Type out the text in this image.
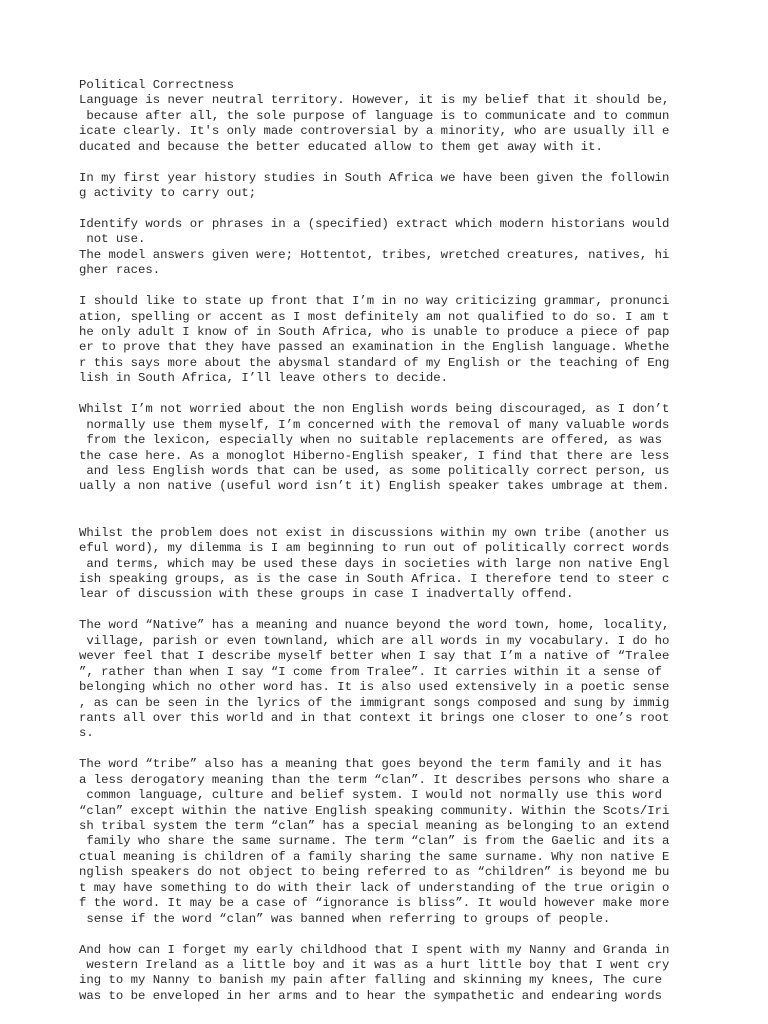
Political Correctness
Language is never neutral territory. However, it is my belief that it should be,
because after all, the sole purpose of language is to communicate and to commun
icate clearly. It's only made controversial by a minority, who are usually ill e
ducated and because the better educated allow to them get away with it.
In my first year history studies in South Africa we have been given the followin
g activity to carry out;
Identify words or phrases in a (specified) extract which modern historians would
not use.
The model answers given were; Hottentot, tribes, wretched creatures, natives, hi
gher races.
I should like to state up front that I’m in no way criticizing grammar, pronunci
ation, spelling or accent as I most definitely am not qualified to do so. I am t
he only adult I know of in South Africa, who is unable to produce a piece of pap
er to prove that they have passed an examination in the English language. Whethe
r this says more about the abysmal standard of my English or the teaching of Eng
lish in South Africa, I’ll leave others to decide.
Whilst I’m not worried about the non English words being discouraged, as I don’t
normally use them myself, I’m concerned with the removal of many valuable words
from the lexicon, especially when no suitable replacements are offered, as was
the case here. As a monoglot Hiberno-English speaker, I find that there are less
and less English words that can be used, as some politically correct person, us
ually a non native (useful word isn’t it) English speaker takes umbrage at them.
Whilst the problem does not exist in discussions within my own tribe (another us
eful word), my dilemma is I am beginning to run out of politically correct words
and terms, which may be used these days in societies with large non native Engl
ish speaking groups, as is the case in South Africa. I therefore tend to steer c
lear of discussion with these groups in case I inadvertally offend.
The word “Native” has a meaning and nuance beyond the word town, home, locality,
village, parish or even townland, which are all words in my vocabulary. I do ho
wever feel that I describe myself better when I say that I’m a native of “Tralee
”, rather than when I say “I come from Tralee”. It carries within it a sense of
belonging which no other word has. It is also used extensively in a poetic sense
, as can be seen in the lyrics of the immigrant songs composed and sung by immig
rants all over this world and in that context it brings one closer to one’s root
s.
The word “tribe” also has a meaning that goes beyond the term family and it has
a less derogatory meaning than the term “clan”. It describes persons who share a
common language, culture and belief system. I would not normally use this word
“clan” except within the native English speaking community. Within the Scots/Iri
sh tribal system the term “clan” has a special meaning as belonging to an extend
family who share the same surname. The term “clan” is from the Gaelic and its a
ctual meaning is children of a family sharing the same surname. Why non native E
nglish speakers do not object to being referred to as “children” is beyond me bu
t may have something to do with their lack of understanding of the true origin o
f the word. It may be a case of “ignorance is bliss”. It would however make more
sense if the word “clan” was banned when referring to groups of people.
And how can I forget my early childhood that I spent with my Nanny and Granda in
western Ireland as a little boy and it was as a hurt little boy that I went cry
ing to my Nanny to banish my pain after falling and skinning my knees, The cure
was to be enveloped in her arms and to hear the sympathetic and endearing words
